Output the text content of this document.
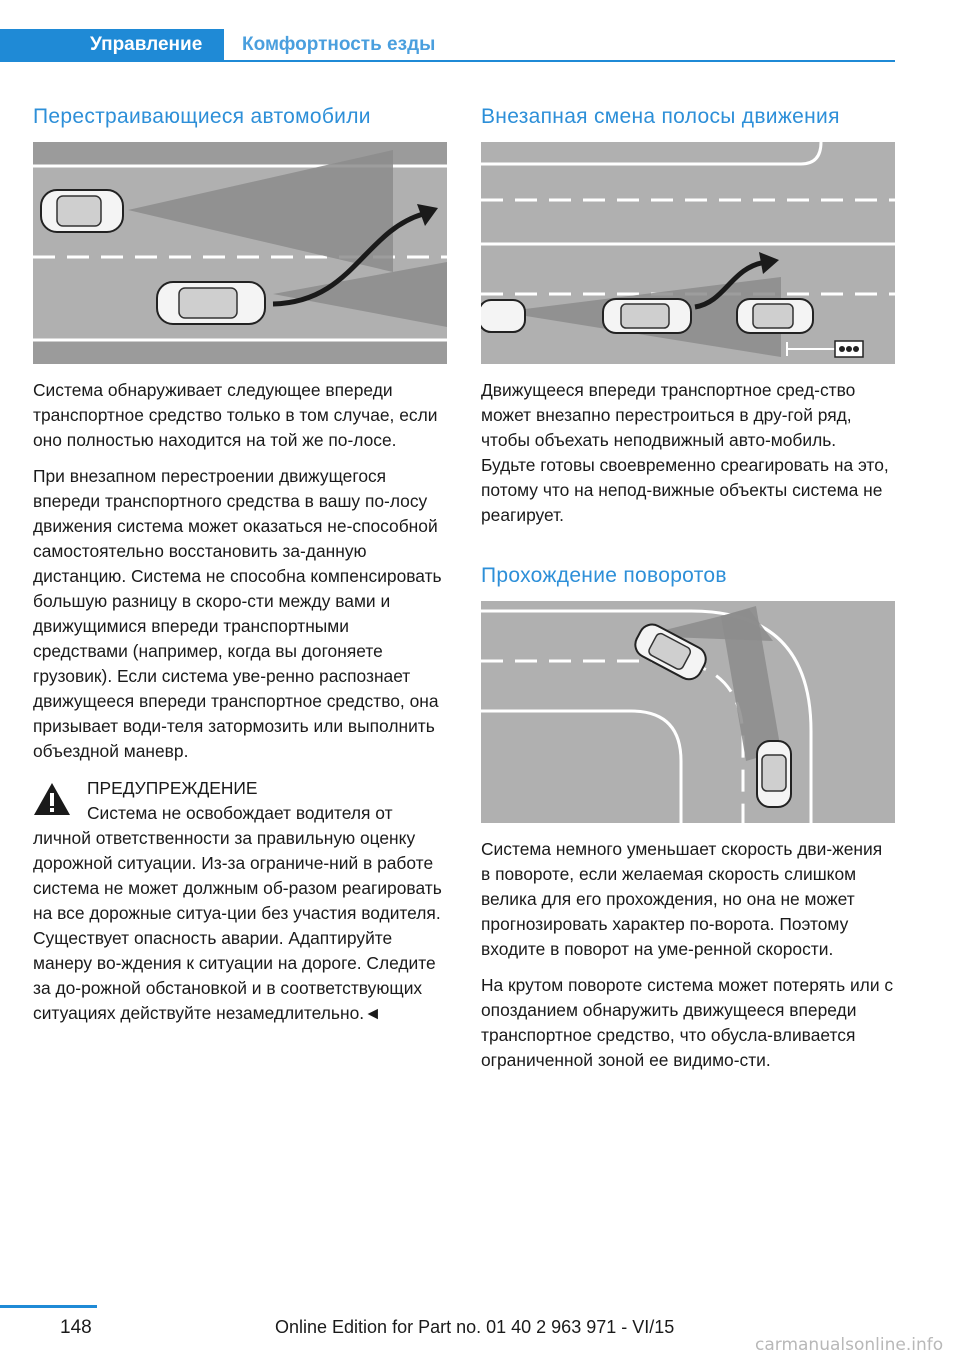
Управление	Комфортность езды
Перестраивающиеся автомобили

Система обнаруживает следующее впереди транспортное средство только в том случае, если оно полностью находится на той же по-лосе.

При внезапном перестроении движущегося впереди транспортного средства в вашу по-лосу движения система может оказаться не-способной самостоятельно восстановить за-данную дистанцию. Система не способна компенсировать большую разницу в скоро-сти между вами и движущимися впереди транспортными средствами (например, когда вы догоняете грузовик). Если система уве-ренно распознает движущееся впереди транспортное средство, она призывает води-теля затормозить или выполнить объездной маневр.

ПРЕДУПРЕЖДЕНИЕ

Система не освобождает водителя от

личной ответственности за правильную оценку дорожной ситуации. Из-за ограниче-ний в работе система не может должным об-разом реагировать на все дорожные ситуа-ции без участия водителя. Существует опасность аварии. Адаптируйте манеру во-ждения к ситуации на дороге. Следите за до-рожной обстановкой и в соответствующих ситуациях действуйте незамедлительно.◄

Внезапная смена полосы движения

Движущееся впереди транспортное сред-ство может внезапно перестроиться в дру-гой ряд, чтобы объехать неподвижный авто-мобиль. Будьте готовы своевременно среагировать на это, потому что на непод-вижные объекты система не реагирует.

Прохождение поворотов

Система немного уменьшает скорость дви-жения в повороте, если желаемая скорость слишком велика для его прохождения, но она не может прогнозировать характер по-ворота. Поэтому входите в поворот на уме-ренной скорости.

На крутом повороте система может потерять или с опозданием обнаружить движущееся впереди транспортное средство, что обусла-вливается ограниченной зоной ее видимо-сти.

148	Online Edition for Part no. 01 40 2 963 971 - VI/15
carmanualsonline.info
